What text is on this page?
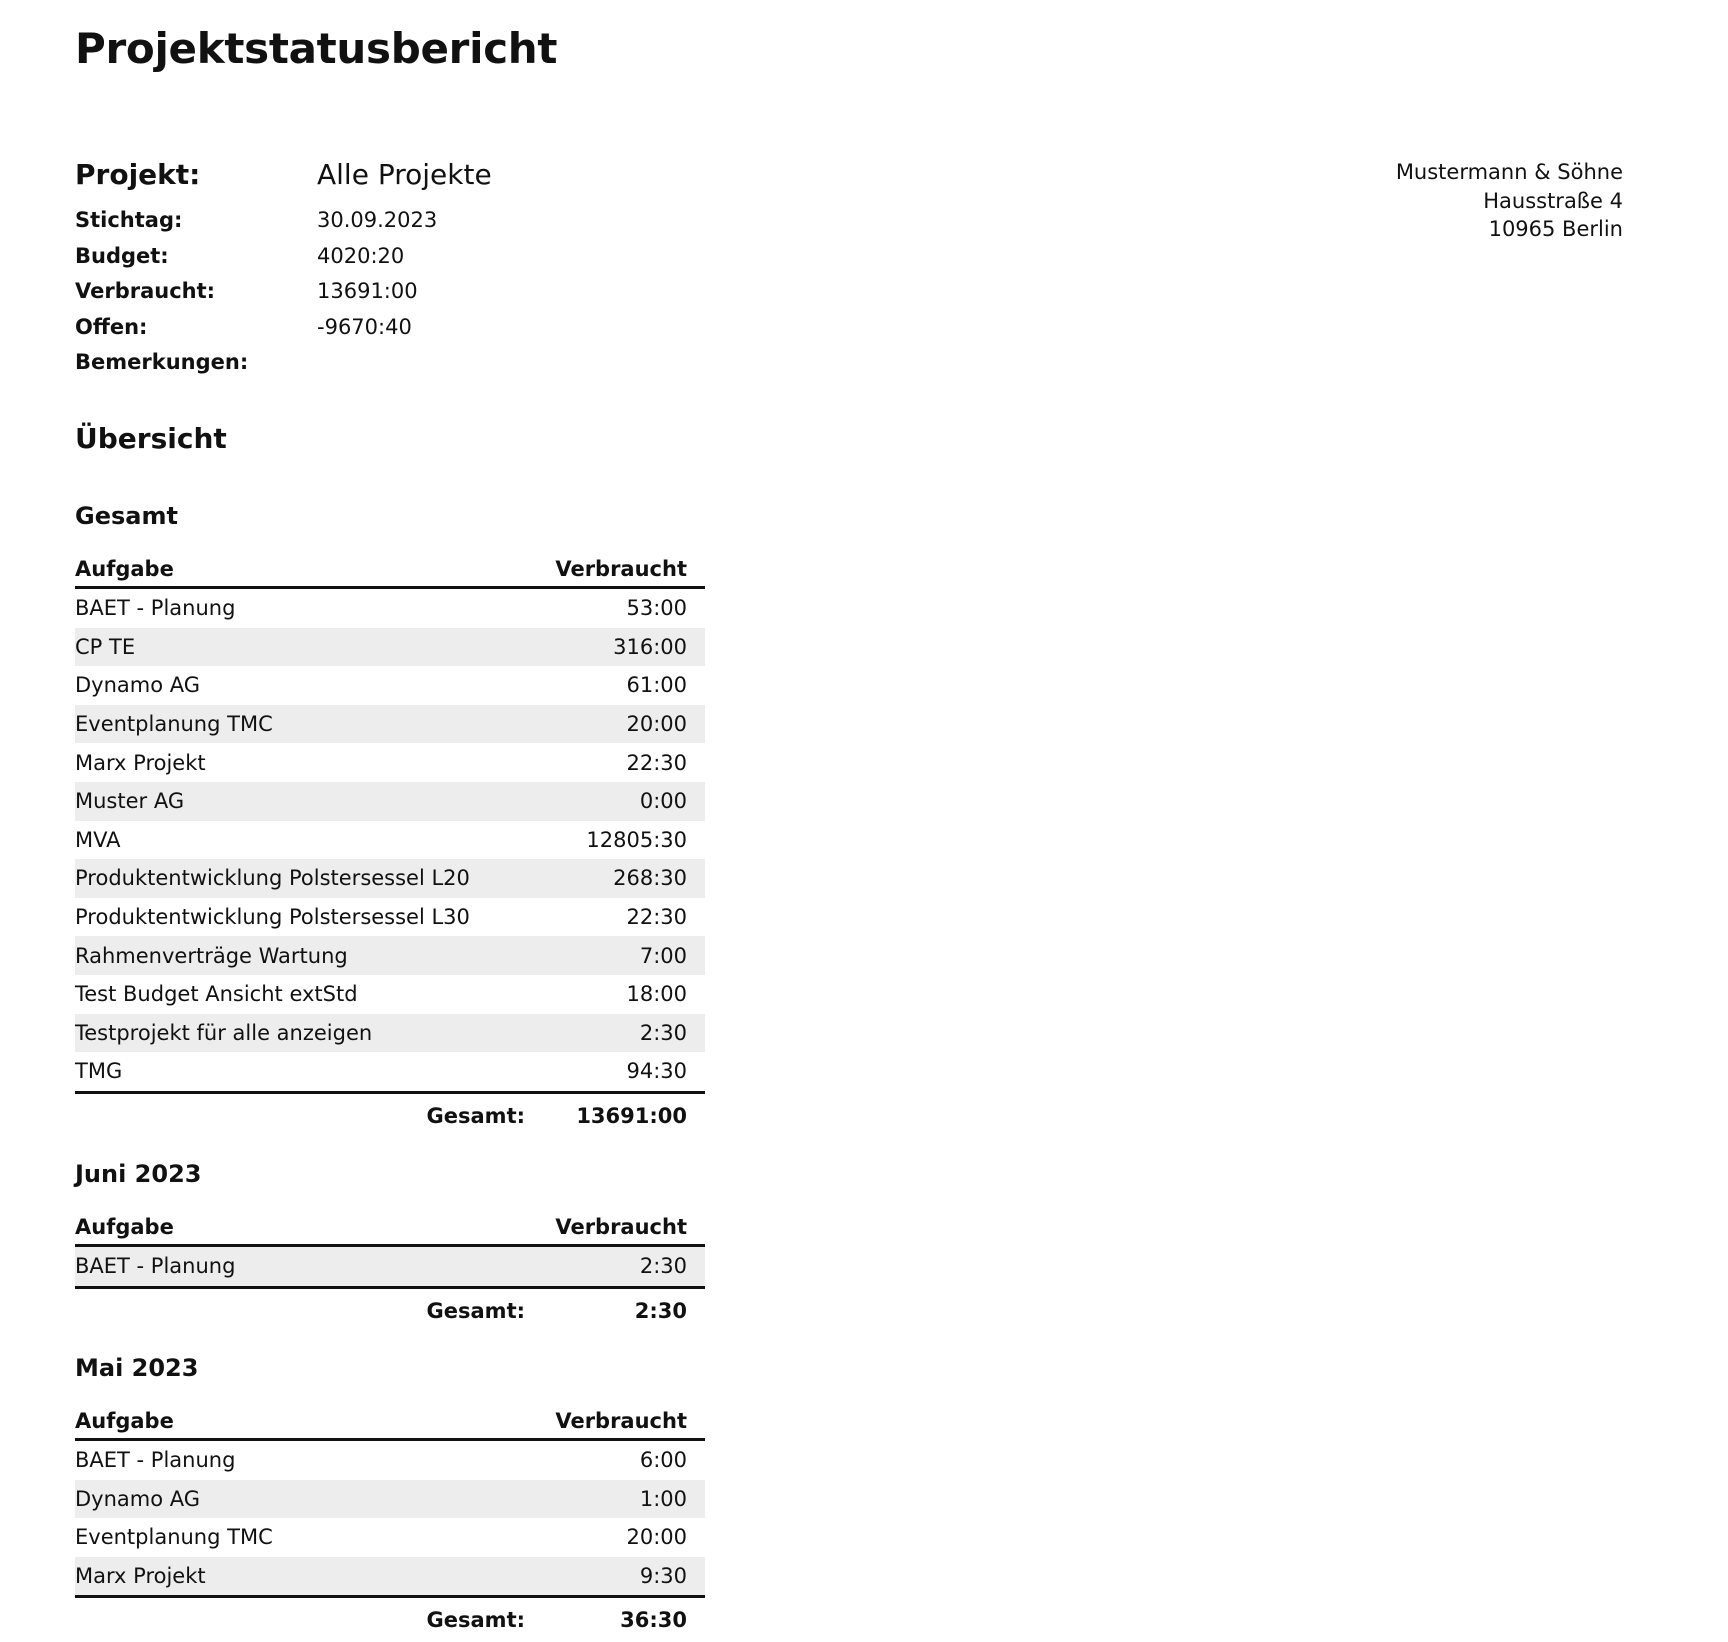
Projektstatusbericht
Projekt:	Alle Projekte
Stichtag:	30.09.2023
Budget:	4020:20
Verbraucht:	13691:00
Offen:	-9670:40
Bemerkungen:
Mustermann & Söhne
Hausstraße 4
10965 Berlin
Übersicht
Gesamt
Aufgabe	Verbraucht
BAET - Planung	53:00
CP TE	316:00
Dynamo AG	61:00
Eventplanung TMC	20:00
Marx Projekt	22:30
Muster AG	0:00
MVA	12805:30
Produktentwicklung Polstersessel L20	268:30
Produktentwicklung Polstersessel L30	22:30
Rahmenverträge Wartung	7:00
Test Budget Ansicht extStd	18:00
Testprojekt für alle anzeigen	2:30
TMG	94:30
Gesamt:	13691:00
Juni 2023
Aufgabe	Verbraucht
BAET - Planung	2:30
Gesamt:	2:30
Mai 2023
Aufgabe	Verbraucht
BAET - Planung	6:00
Dynamo AG	1:00
Eventplanung TMC	20:00
Marx Projekt	9:30
Gesamt:	36:30
